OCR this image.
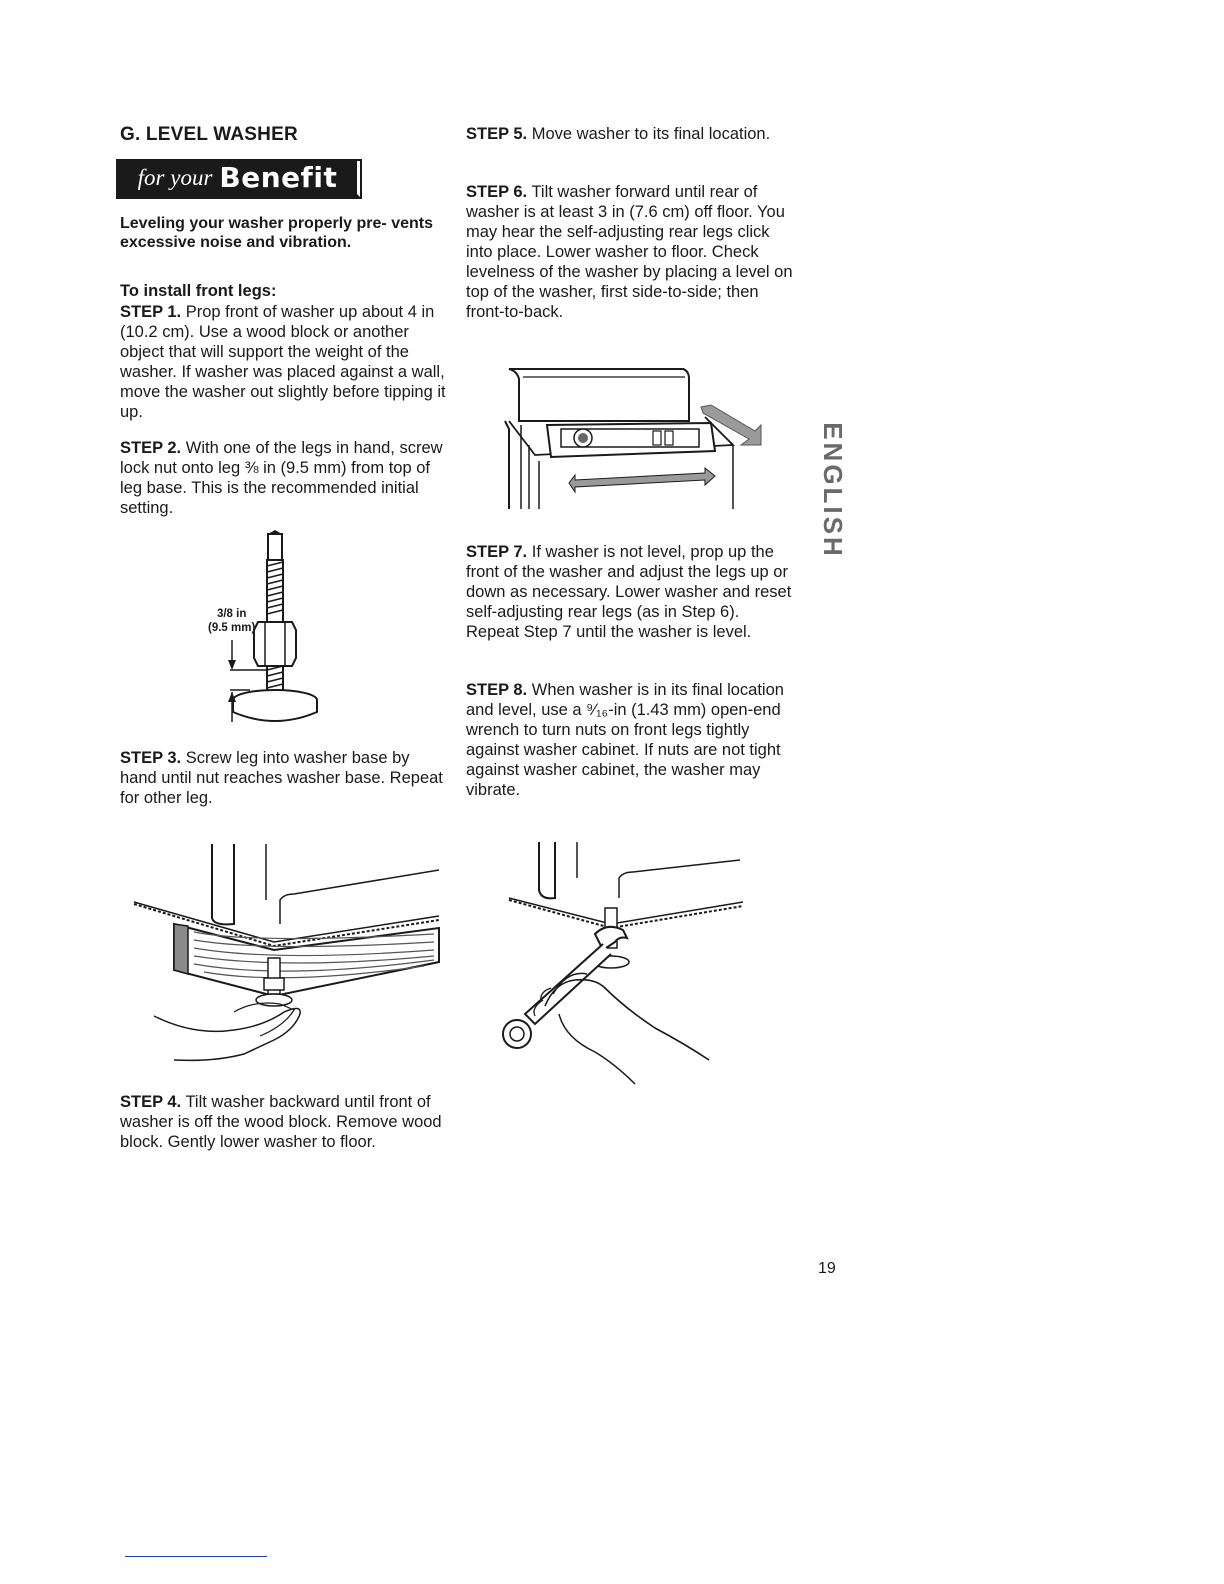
G. LEVEL WASHER
for your Benefit
Leveling your washer properly pre- vents excessive noise and vibration.
To install front legs:

STEP 1. Prop front of washer up about 4 in (10.2 cm). Use a wood block or another object that will support the weight of the washer. If washer was placed against a wall, move the washer out slightly before tipping it up.

STEP 2. With one of the legs in hand, screw lock nut onto leg ⅜ in (9.5 mm) from top of leg base. This is the recommended initial setting.

3/8 in
(9.5 mm)

STEP 3. Screw leg into washer base by hand until nut reaches washer base. Repeat for other leg.

STEP 4. Tilt washer backward until front of washer is off the wood block. Remove wood block. Gently lower washer to floor.

STEP 5. Move washer to its final location.

STEP 6. Tilt washer forward until rear of washer is at least 3 in (7.6 cm) off floor. You may hear the self-adjusting rear legs click into place. Lower washer to floor. Check levelness of the washer by placing a level on top of the washer, first side-to-side; then front-to-back.

STEP 7. If washer is not level, prop up the front of the washer and adjust the legs up or down as necessary. Lower washer and reset self-adjusting rear legs (as in Step 6). Repeat Step 7 until the washer is level.

STEP 8. When washer is in its final location and level, use a ⁹⁄₁₆-in (1.43 mm) open-end wrench to turn nuts on front legs tightly against washer cabinet. If nuts are not tight against washer cabinet, the washer may vibrate.

ENGLISH
19
